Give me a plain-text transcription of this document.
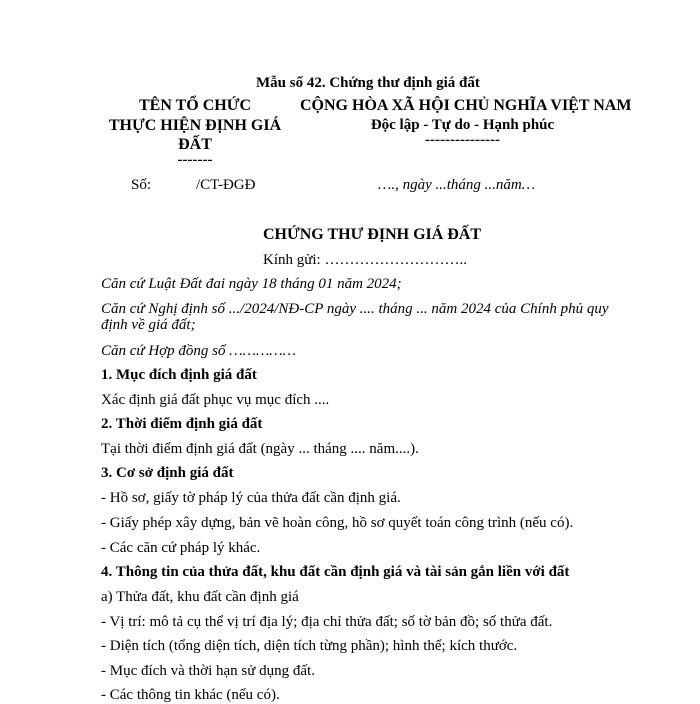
Mẫu số 42. Chứng thư định giá đất
TÊN TỔ CHỨC
THỰC HIỆN ĐỊNH GIÁ
ĐẤT
-------
CỘNG HÒA XÃ HỘI CHỦ NGHĨA VIỆT NAM
Độc lập - Tự do - Hạnh phúc
---------------
Số:	/CT-ĐGĐ	…., ngày ...tháng ...năm…
CHỨNG THƯ ĐỊNH GIÁ ĐẤT
Kính gửi: ………………………..
Căn cứ Luật Đất đai ngày 18 tháng 01 năm 2024;
Căn cứ Nghị định số .../2024/NĐ-CP ngày .... tháng ... năm 2024 của Chính phủ quy
định về giá đất;
Căn cứ Hợp đồng số ……………
1. Mục đích định giá đất
Xác định giá đất phục vụ mục đích ....
2. Thời điểm định giá đất
Tại thời điểm định giá đất (ngày ... tháng .... năm....).
3. Cơ sở định giá đất
- Hồ sơ, giấy tờ pháp lý của thửa đất cần định giá.
- Giấy phép xây dựng, bản vẽ hoàn công, hồ sơ quyết toán công trình (nếu có).
- Các căn cứ pháp lý khác.
4. Thông tin của thửa đất, khu đất cần định giá và tài sản gắn liền với đất
a) Thửa đất, khu đất cần định giá
- Vị trí: mô tả cụ thể vị trí địa lý; địa chỉ thửa đất; số tờ bản đồ; số thửa đất.
- Diện tích (tổng diện tích, diện tích từng phần); hình thể; kích thước.
- Mục đích và thời hạn sử dụng đất.
- Các thông tin khác (nếu có).
